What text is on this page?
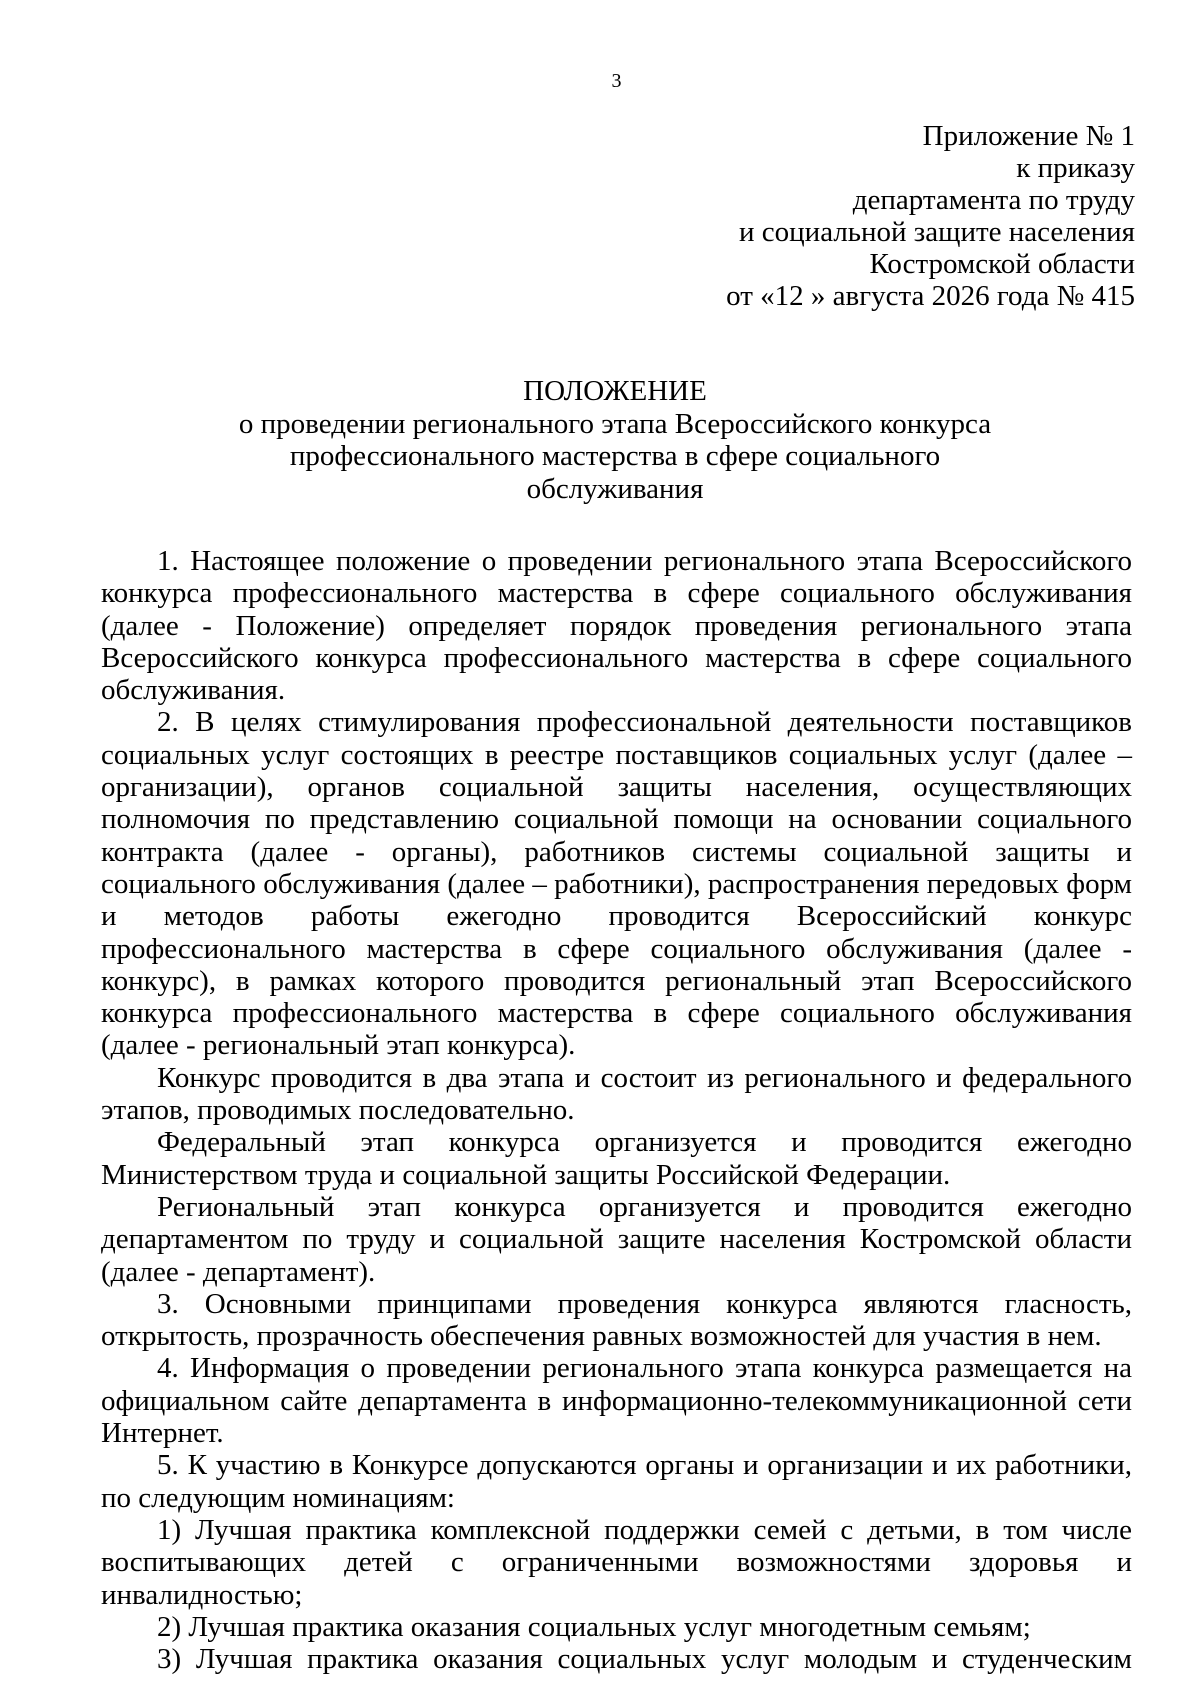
3
Приложение № 1
к приказу
департамента по труду
и социальной защите населения
Костромской области
от «12 » августа 2026 года № 415
ПОЛОЖЕНИЕ
о проведении регионального этапа Всероссийского конкурса
профессионального мастерства в сфере социального
обслуживания

1. Настоящее положение о проведении регионального этапа Всероссийского конкурса профессионального мастерства в сфере социального обслуживания (далее - Положение) определяет порядок проведения регионального этапа Всероссийского конкурса профессионального мастерства в сфере социального обслуживания.

2. В целях стимулирования профессиональной деятельности поставщиков социальных услуг состоящих в реестре поставщиков социальных услуг (далее – организации), органов социальной защиты населения, осуществляющих полномочия по представлению социальной помощи на основании социального контракта (далее - органы), работников системы социальной защиты и социального обслуживания (далее – работники), распространения передовых форм и методов работы ежегодно проводится Всероссийский конкурс профессионального мастерства в сфере социального обслуживания (далее - конкурс), в рамках которого проводится региональный этап Всероссийского конкурса профессионального мастерства в сфере социального обслуживания (далее - региональный этап конкурса).

Конкурс проводится в два этапа и состоит из регионального и федерального этапов, проводимых последовательно.

Федеральный этап конкурса организуется и проводится ежегодно Министерством труда и социальной защиты Российской Федерации.

Региональный этап конкурса организуется и проводится ежегодно департаментом по труду и социальной защите населения Костромской области (далее - департамент).

3. Основными принципами проведения конкурса являются гласность, открытость, прозрачность обеспечения равных возможностей для участия в нем.

4. Информация о проведении регионального этапа конкурса размещается на официальном сайте департамента в информационно-телекоммуникационной сети Интернет.

5. К участию в Конкурсе допускаются органы и организации и их работники, по следующим номинациям:

1) Лучшая практика комплексной поддержки семей с детьми, в том числе воспитывающих детей с ограниченными возможностями здоровья и инвалидностью;

2) Лучшая практика оказания социальных услуг многодетным семьям;

3) Лучшая практика оказания социальных услуг молодым и студенческим
